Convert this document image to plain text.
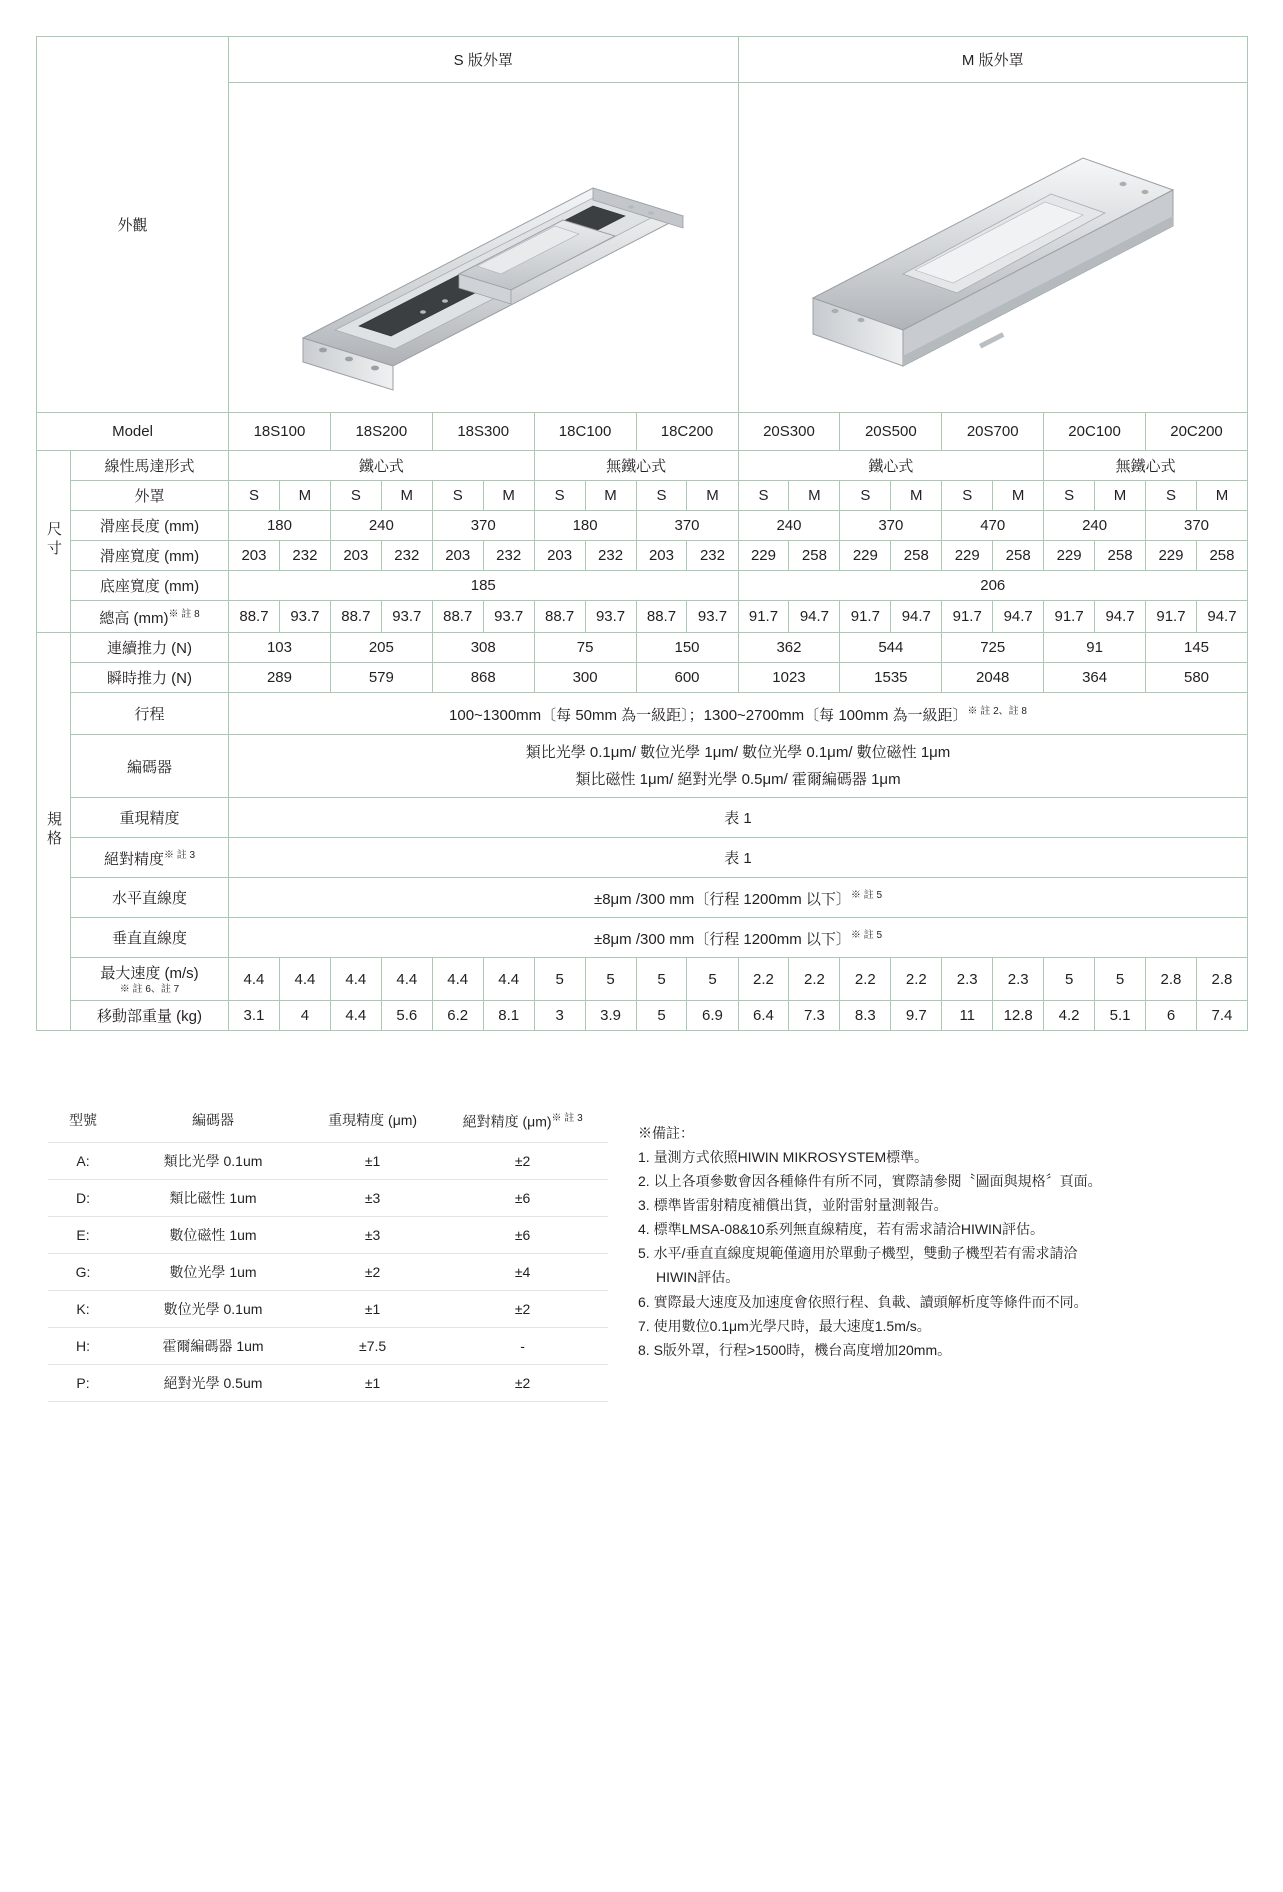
外觀		S 版外罩										M 版外罩									

Model		18S100		18S200		18S300		18C100		18C200		20S300		20S500		20S700		20C100		20C200	
尺寸	線性馬達形式	鐵心式						無鐵心式				鐵心式						無鐵心式			
	外罩	S	M	S	M	S	M	S	M	S	M	S	M	S	M	S	M	S	M	S	M
	滑座長度 (mm)	180		240		370		180		370		240		370		470		240		370	
	滑座寬度 (mm)	203	232	203	232	203	232	203	232	203	232	229	258	229	258	229	258	229	258	229	258
	底座寬度 (mm)	185										206									
	總高 (mm)$^{※ 註 8}$	88.7	93.7	88.7	93.7	88.7	93.7	88.7	93.7	88.7	93.7	91.7	94.7	91.7	94.7	91.7	94.7	91.7	94.7	91.7	94.7
規格	連續推力 (N)	103		205		308		75		150		362		544		725		91		145	
	瞬時推力 (N)	289		579		868		300		600		1023		1535		2048		364		580	
	行程	100~1300mm〔每 50mm 為一級距〕；1300~2700mm〔每 100mm 為一級距〕$^{※ 註 2、註 8}$
	編碼器	類比光學 0.1μm/ 數位光學 1μm/ 數位光學 0.1μm/ 數位磁性 1μm
類比磁性 1μm/ 絕對光學 0.5μm/ 霍爾編碼器 1μm																			

	重現精度	表 1																			
	絕對精度$^{※ 註 3}$	表 1																			
	水平直線度	±8μm /300 mm〔行程 1200mm 以下〕$^{※ 註 5}$
	垂直直線度	±8μm /300 mm〔行程 1200mm 以下〕$^{※ 註 5}$
	最大速度 (m/s)
※ 註 6、註 7	4.4	4.4	4.4	4.4	4.4	4.4	5	5	5	5	2.2	2.2	2.2	2.2	2.3	2.3	5	5	2.8	2.8
	移動部重量 (kg)	3.1	4	4.4	5.6	6.2	8.1	3	3.9	5	6.9	6.4	7.3	8.3	9.7	11	12.8	4.2	5.1	6	7.4
型號	編碼器	重現精度 (μm)	絕對精度 $(\mu m)^{※ 註 3}$
A:	類比光學 0.1um	±1	±2
D:	類比磁性 1um	±3	±6
E:	數位磁性 1um	±3	±6
G:	數位光學 1um	±2	±4
K:	數位光學 0.1um	±1	±2
H:	霍爾編碼器 1um	±7.5	-
P:	絕對光學 0.5um	±1	±2
※備註：
1. 量測方式依照HIWIN MIKROSYSTEM標準。
2. 以上各項參數會因各種條件有所不同，實際請參閱〝圖面與規格〞頁面。
3. 標準皆雷射精度補償出貨，並附雷射量測報告。
4. 標準LMSA-08&10系列無直線精度，若有需求請洽HIWIN評估。
5. 水平/垂直直線度規範僅適用於單動子機型，雙動子機型若有需求請洽
HIWIN評估。
6. 實際最大速度及加速度會依照行程、負載、讀頭解析度等條件而不同。
7. 使用數位0.1μm光學尺時，最大速度1.5m/s。
8. S版外罩，行程>1500時，機台高度增加20mm。
